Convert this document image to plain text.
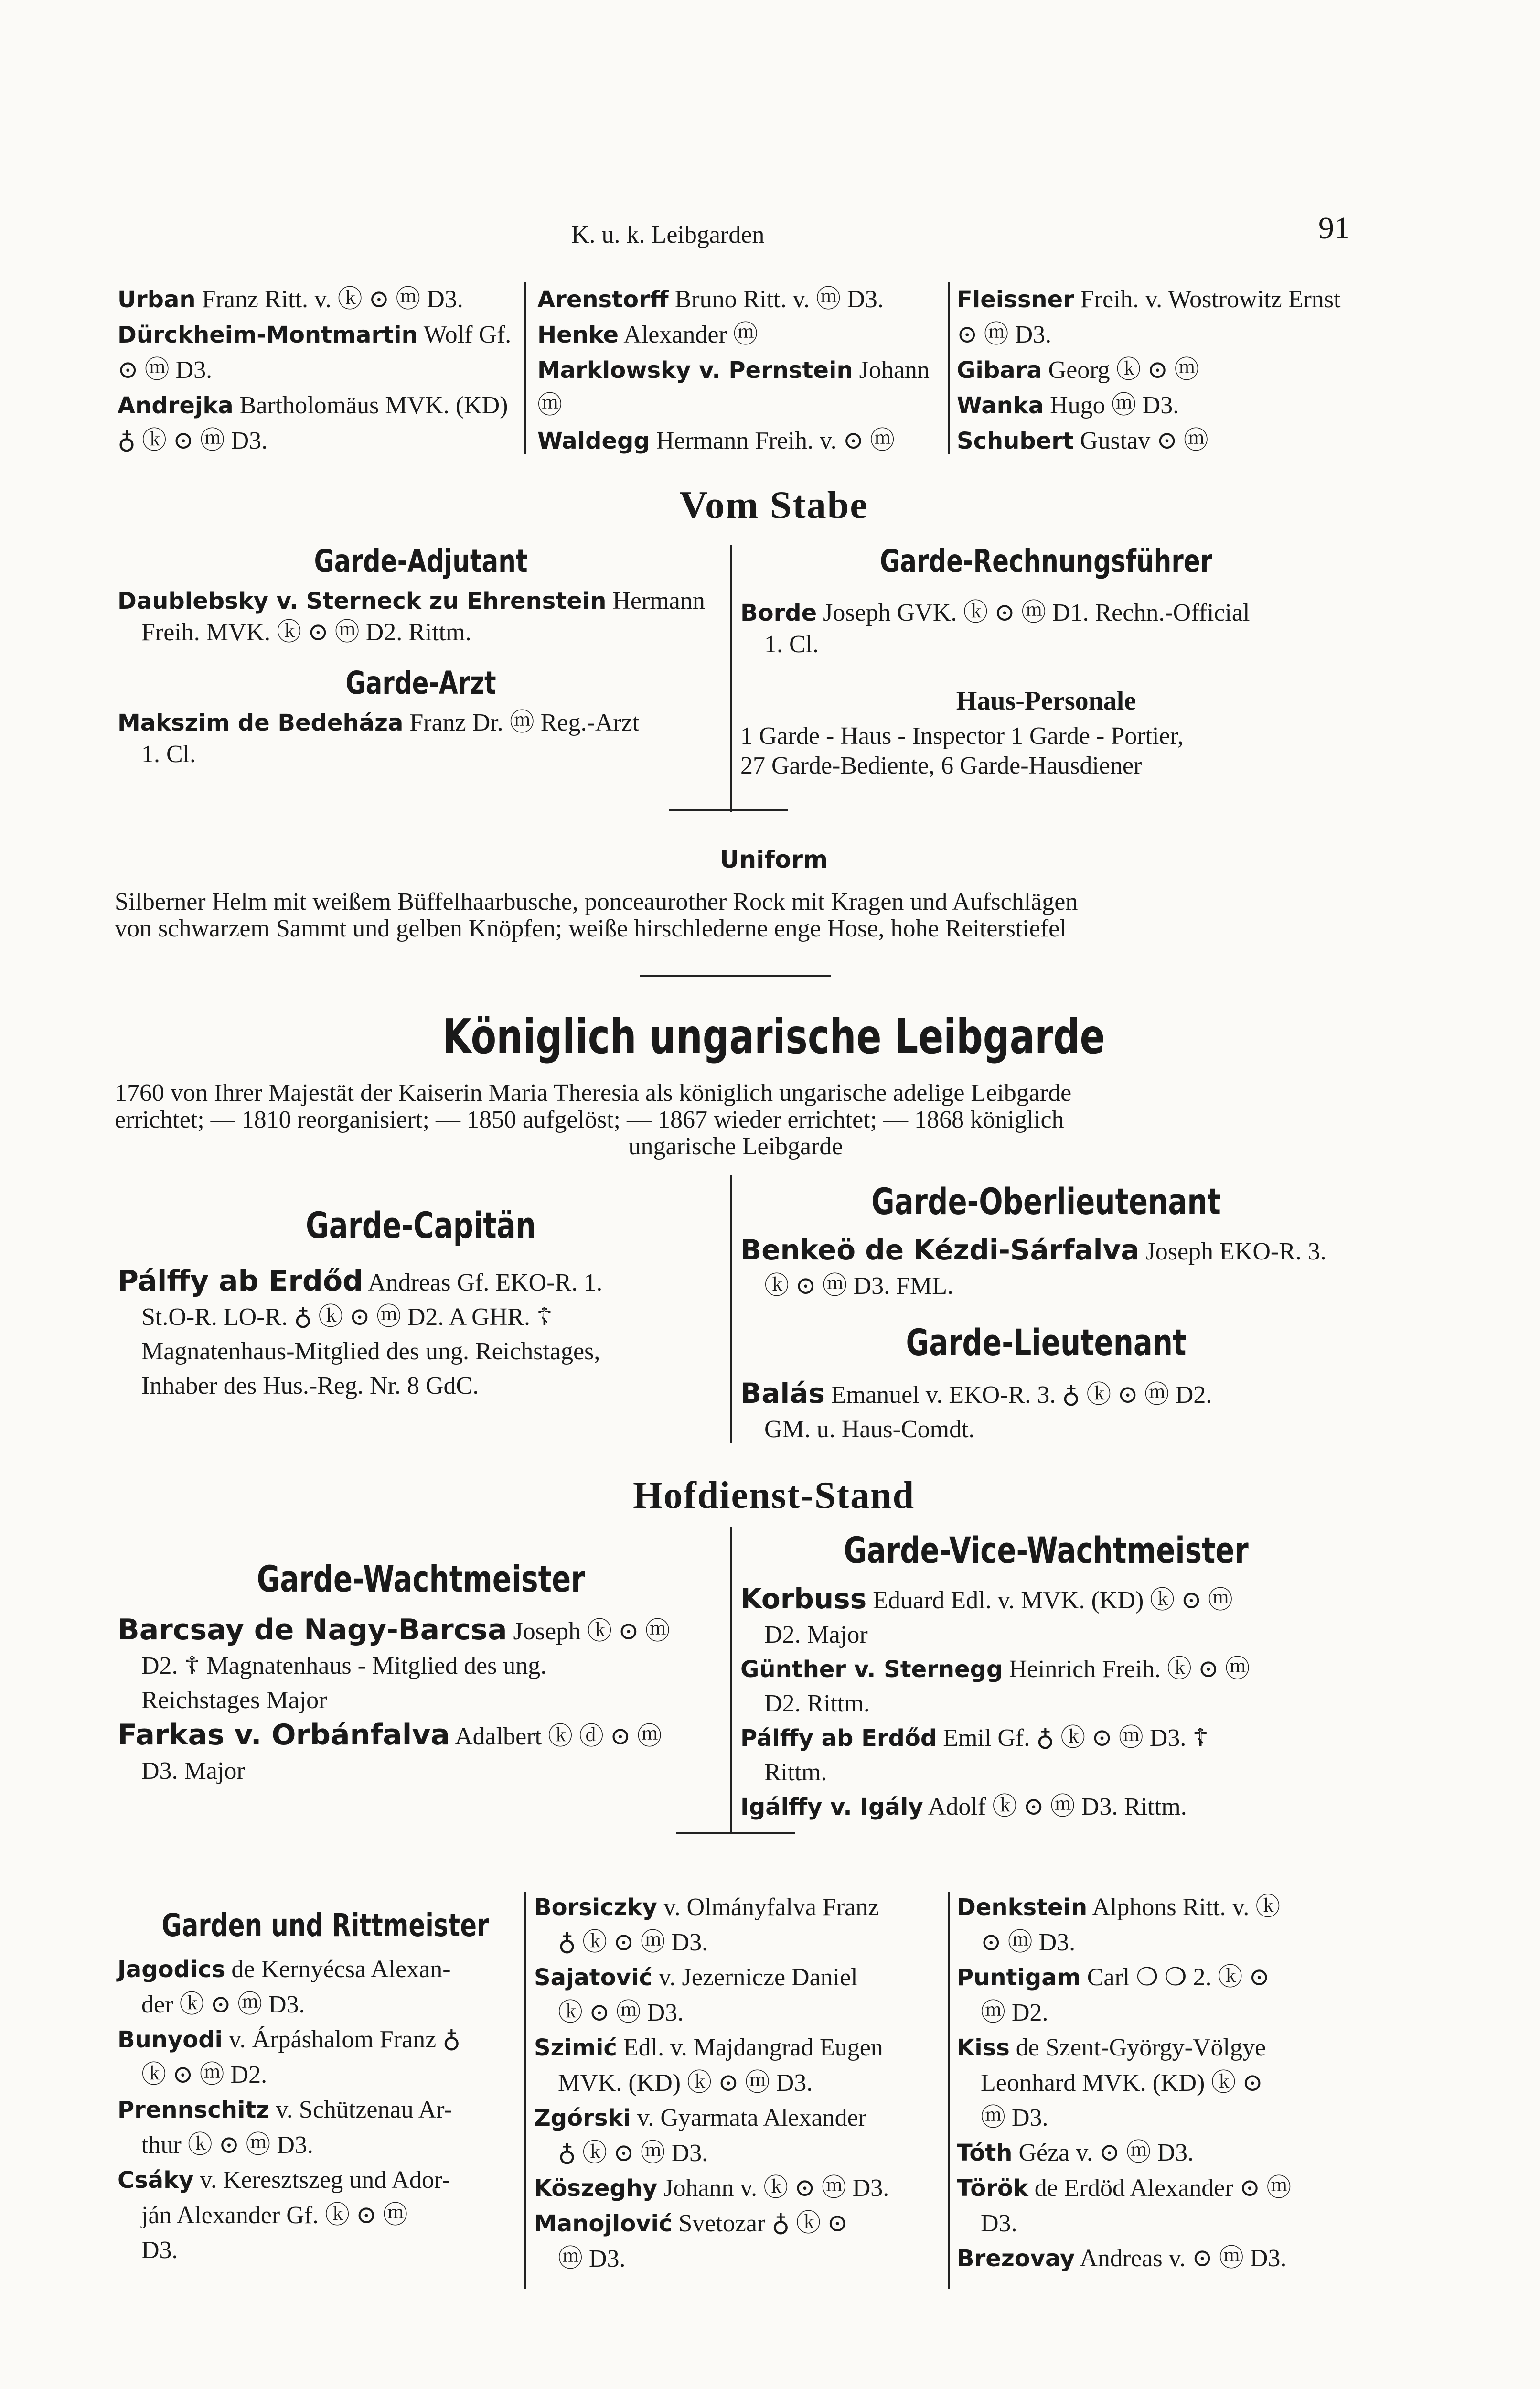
K. u. k. Leibgarden	91
Urban Franz Ritt. v. ⓚ ⊙ ⓜ D3.
Dürckheim-Montmartin Wolf Gf. ⊙ ⓜ D3.
Andrejka Bartholomäus MVK. (KD) ♁ ⓚ ⊙ ⓜ D3.
Arenstorff Bruno Ritt. v. ⓜ D3.
Henke Alexander ⓜ
Marklowsky v. Pernstein Johann ⓜ
Waldegg Hermann Freih. v. ⊙ ⓜ
Fleissner Freih. v. Wostrowitz Ernst ⊙ ⓜ D3.
Gibara Georg ⓚ ⊙ ⓜ
Wanka Hugo ⓜ D3.
Schubert Gustav ⊙ ⓜ
Vom Stabe
Garde-Adjutant
Daublebsky v. Sterneck zu Ehrenstein Hermann
Freih. MVK. ⓚ ⊙ ⓜ D2. Rittm.
Garde-Arzt
Makszim de Bedeháza Franz Dr. ⓜ Reg.-Arzt
1. Cl.
Garde-Rechnungsführer
Borde Joseph GVK. ⓚ ⊙ ⓜ D1. Rechn.-Official
1. Cl.
Haus-Personale
1 Garde - Haus - Inspector 1 Garde - Portier,
27 Garde-Bediente, 6 Garde-Hausdiener
Uniform
Silberner Helm mit weißem Büffelhaarbusche, ponceaurother Rock mit Kragen und Aufschlägen
von schwarzem Sammt und gelben Knöpfen; weiße hirschlederne enge Hose, hohe Reiterstiefel
Königlich ungarische Leibgarde
1760 von Ihrer Majestät der Kaiserin Maria Theresia als königlich ungarische adelige Leibgarde
errichtet; — 1810 reorganisiert; — 1850 aufgelöst; — 1867 wieder errichtet; — 1868 königlich
ungarische Leibgarde
Garde-Capitän
Pálffy ab Erdőd Andreas Gf. EKO-R. 1.
St.O-R. LO-R. ♁ ⓚ ⊙ ⓜ D2. A GHR. ☦
Magnatenhaus-Mitglied des ung. Reichstages,
Inhaber des Hus.-Reg. Nr. 8 GdC.
Garde-Oberlieutenant
Benkeö de Kézdi-Sárfalva Joseph EKO-R. 3.
ⓚ ⊙ ⓜ D3. FML.
Garde-Lieutenant
Balás Emanuel v. EKO-R. 3. ♁ ⓚ ⊙ ⓜ D2.
GM. u. Haus-Comdt.
Hofdienst-Stand
Garde-Wachtmeister
Barcsay de Nagy-Barcsa Joseph ⓚ ⊙ ⓜ
D2. ☦ Magnatenhaus - Mitglied des ung.
Reichstages Major
Farkas v. Orbánfalva Adalbert ⓚ ⓓ ⊙ ⓜ
D3. Major
Garde-Vice-Wachtmeister
Korbuss Eduard Edl. v. MVK. (KD) ⓚ ⊙ ⓜ
D2. Major
Günther v. Sternegg Heinrich Freih. ⓚ ⊙ ⓜ
D2. Rittm.
Pálffy ab Erdőd Emil Gf. ♁ ⓚ ⊙ ⓜ D3. ☦
Rittm.
Igálffy v. Igály Adolf ⓚ ⊙ ⓜ D3. Rittm.
Garden und Rittmeister
Jagodics de Kernyécsa Alexan-
der ⓚ ⊙ ⓜ D3.
Bunyodi v. Árpáshalom Franz ♁
ⓚ ⊙ ⓜ D2.
Prennschitz v. Schützenau Ar-
thur ⓚ ⊙ ⓜ D3.
Csáky v. Keresztszeg und Ador-
ján Alexander Gf. ⓚ ⊙ ⓜ
D3.
Borsiczky v. Olmányfalva Franz
♁ ⓚ ⊙ ⓜ D3.
Sajatović v. Jezernicze Daniel
ⓚ ⊙ ⓜ D3.
Szimić Edl. v. Majdangrad Eugen
MVK. (KD) ⓚ ⊙ ⓜ D3.
Zgórski v. Gyarmata Alexander
♁ ⓚ ⊙ ⓜ D3.
Köszeghy Johann v. ⓚ ⊙ ⓜ D3.
Manojlović Svetozar ♁ ⓚ ⊙
ⓜ D3.
Denkstein Alphons Ritt. v. ⓚ
⊙ ⓜ D3.
Puntigam Carl ❍ ❍ 2. ⓚ ⊙
ⓜ D2.
Kiss de Szent-György-Völgye
Leonhard MVK. (KD) ⓚ ⊙
ⓜ D3.
Tóth Géza v. ⊙ ⓜ D3.
Török de Erdöd Alexander ⊙ ⓜ
D3.
Brezovay Andreas v. ⊙ ⓜ D3.
